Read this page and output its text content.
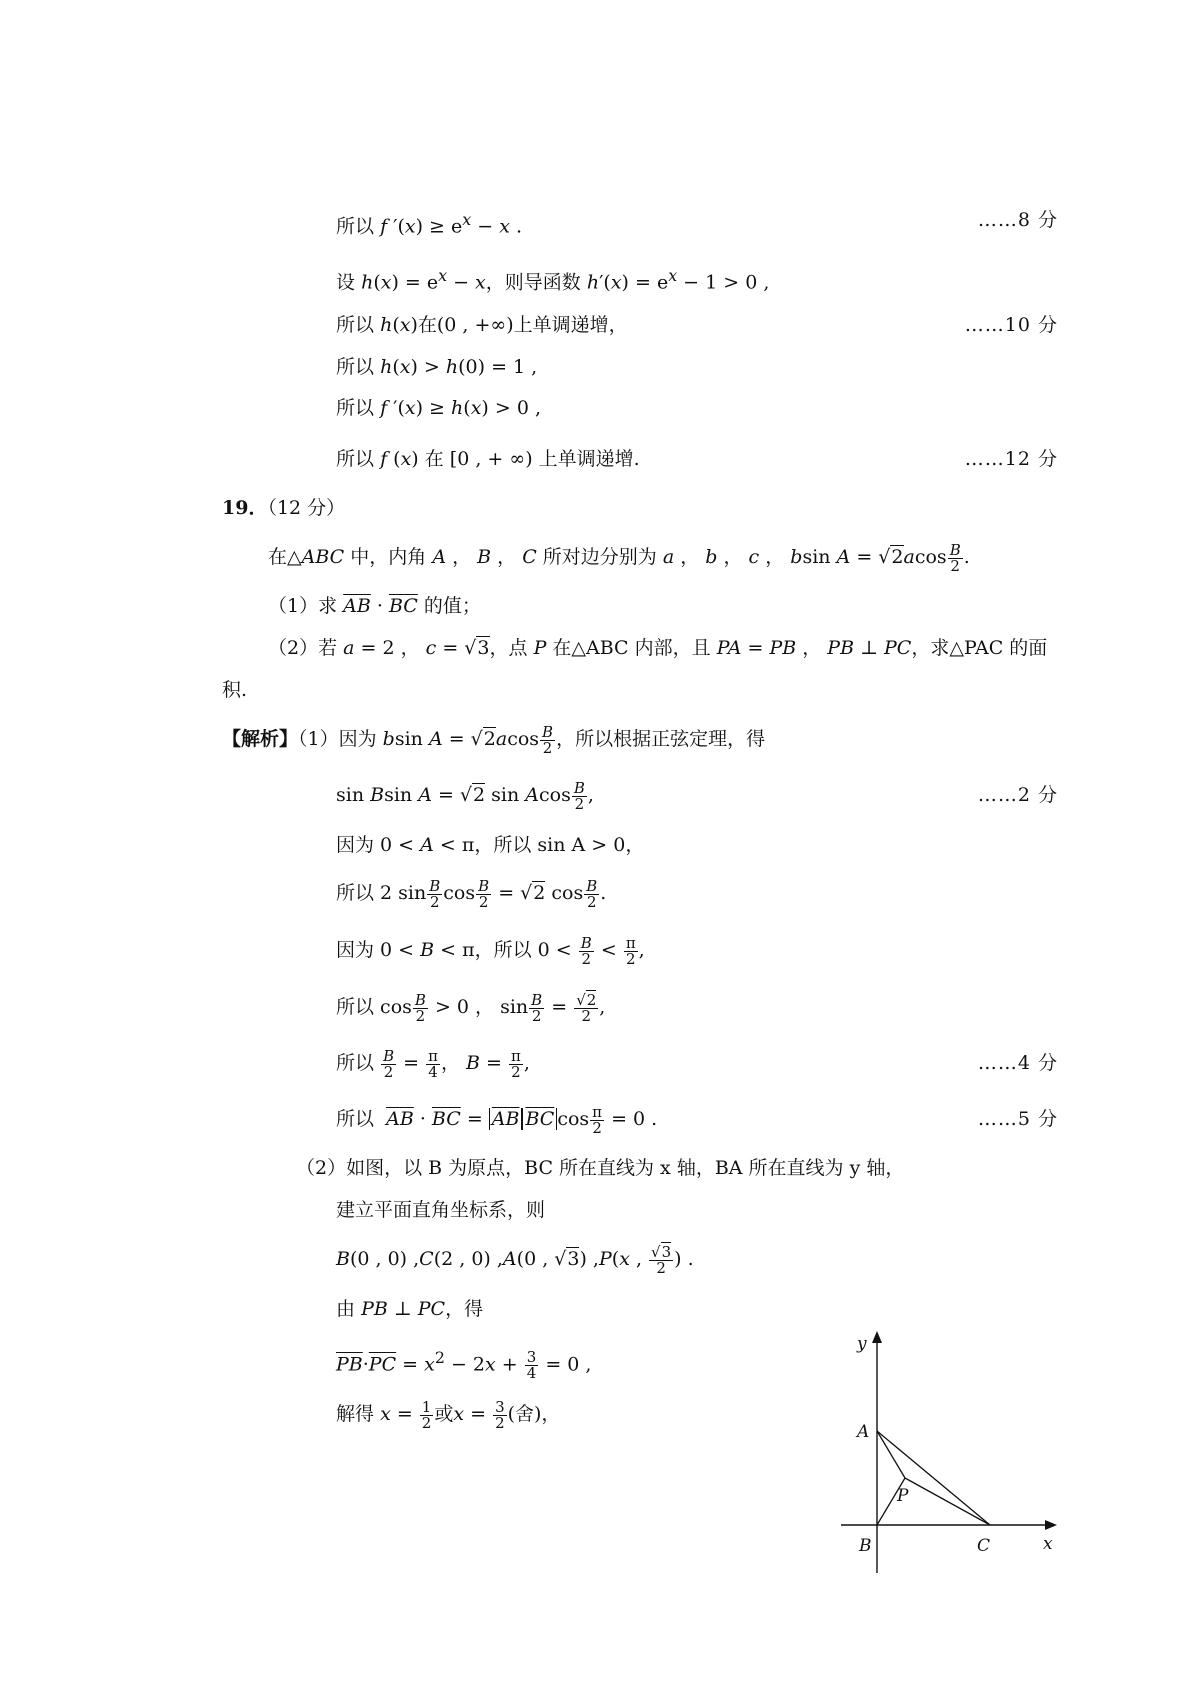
所以 f $'(x) \ge e^x - x$ .	……8 分
设 $h(x) = e^x - x$，则导函数 $h'(x) = e^x - 1 > 0$ ,
所以 h(x)在(0 , +∞)上单调递增，	……10 分
所以 h(x) > h(0) = 1 ,
所以 f ′(x) ≥ h(x) > 0 ,
所以 f (x) 在 [0 , + ∞) 上单调递增.	……12 分
19．（12 分）
在△ABC 中，内角 A ， B ， C 所对边分别为 a ， b ， c ， bsin $A = √2acos \frac{B}{2}$ .
（1）求 $\overline{AB} \cdot \overline{BC}$ 的值；
（2）若 a = 2 ， c = √3，点 P 在△ABC 内部，且 PA = PB ， PB ⊥ PC，求△PAC 的面
积.
【解析】（1）因为 bsin $A = √2acos \frac{B}{2}$ ，所以根据正弦定理，得
sin Bsin A = √2 sin Acos $\frac{B}{2}$ ,	……2 分
因为 0 < A < π，所以 sin A > 0，
所以 2 $\sin \frac{B}{2}$ $\cos \frac{B}{2} = √2$ $\cos \frac{B}{2}$ .
因为 0 < B < π，所以 $0 < \frac{B}{2} < \frac{\pi}{2}$ ,
所以 $\cos \frac{B}{2} > 0$ ， $\sin \frac{B}{2} = \frac{√2}{2}$ ,
所以 $\frac{B}{2} = \frac{\pi}{4}$ ， $B = \frac{\pi}{2}$ ,	……4 分
所以 $\overline{AB} \cdot \overline{BC} = \overline{AB}$ $\overline{BC}$ $\cos \frac{\pi}{2} = 0$ .	……5 分
（2）如图，以 B 为原点，BC 所在直线为 x 轴，BA 所在直线为 y 轴，
建立平面直角坐标系，则
B(0 , 0) ,C(2 , 0) ,A(0 , √3) ,P(x , $\frac{√3}{2}$ ) .
由 PB ⊥ PC，得
$\overline{PB}\cdot\overline{PC} = x^2 - 2x + \frac{3}{4} = 0$ ,
解得 $x = \frac{1}{2}$ 或$x = \frac{3}{2}$ (舍)，
y
x
A
B	C
P
